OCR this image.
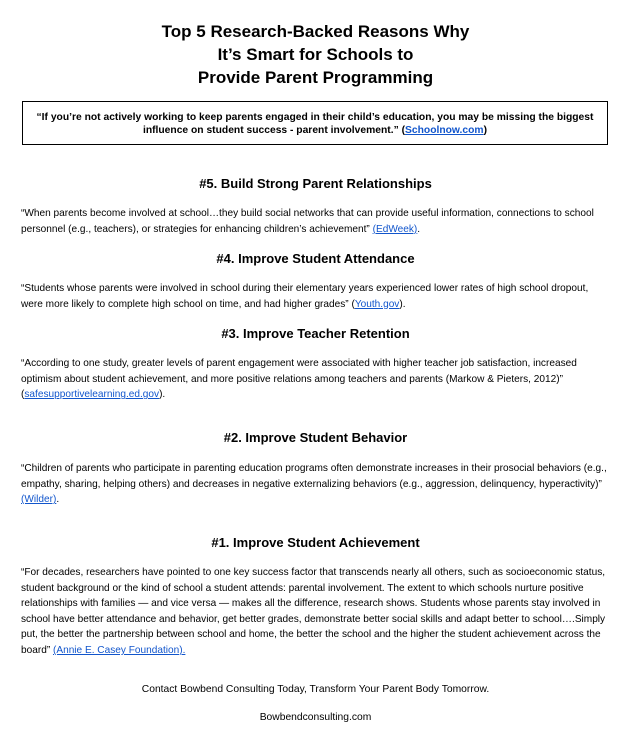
Top 5 Research-Backed Reasons Why
It’s Smart for Schools to
Provide Parent Programming
“If you’re not actively working to keep parents engaged in their child’s education, you may be missing the biggest influence on student success - parent involvement.” (Schoolnow.com)
#5. Build Strong Parent Relationships
“When parents become involved at school…they build social networks that can provide useful information, connections to school personnel (e.g., teachers), or strategies for enhancing children’s achievement” (EdWeek).
#4. Improve Student Attendance
“Students whose parents were involved in school during their elementary years experienced lower rates of high school dropout, were more likely to complete high school on time, and had higher grades” (Youth.gov).
#3. Improve Teacher Retention
“According to one study, greater levels of parent engagement were associated with higher teacher job satisfaction, increased optimism about student achievement, and more positive relations among teachers and parents (Markow & Pieters, 2012)” (safesupportivelearning.ed.gov).
#2. Improve Student Behavior
“Children of parents who participate in parenting education programs often demonstrate increases in their prosocial behaviors (e.g., empathy, sharing, helping others) and decreases in negative externalizing behaviors (e.g., aggression, delinquency, hyperactivity)” (Wilder).
#1. Improve Student Achievement
“For decades, researchers have pointed to one key success factor that transcends nearly all others, such as socioeconomic status, student background or the kind of school a student attends: parental involvement. The extent to which schools nurture positive relationships with families — and vice versa — makes all the difference, research shows. Students whose parents stay involved in school have better attendance and behavior, get better grades, demonstrate better social skills and adapt better to school….Simply put, the better the partnership between school and home, the better the school and the higher the student achievement across the board” (Annie E. Casey Foundation).
Contact Bowbend Consulting Today, Transform Your Parent Body Tomorrow.
Bowbendconsulting.com
